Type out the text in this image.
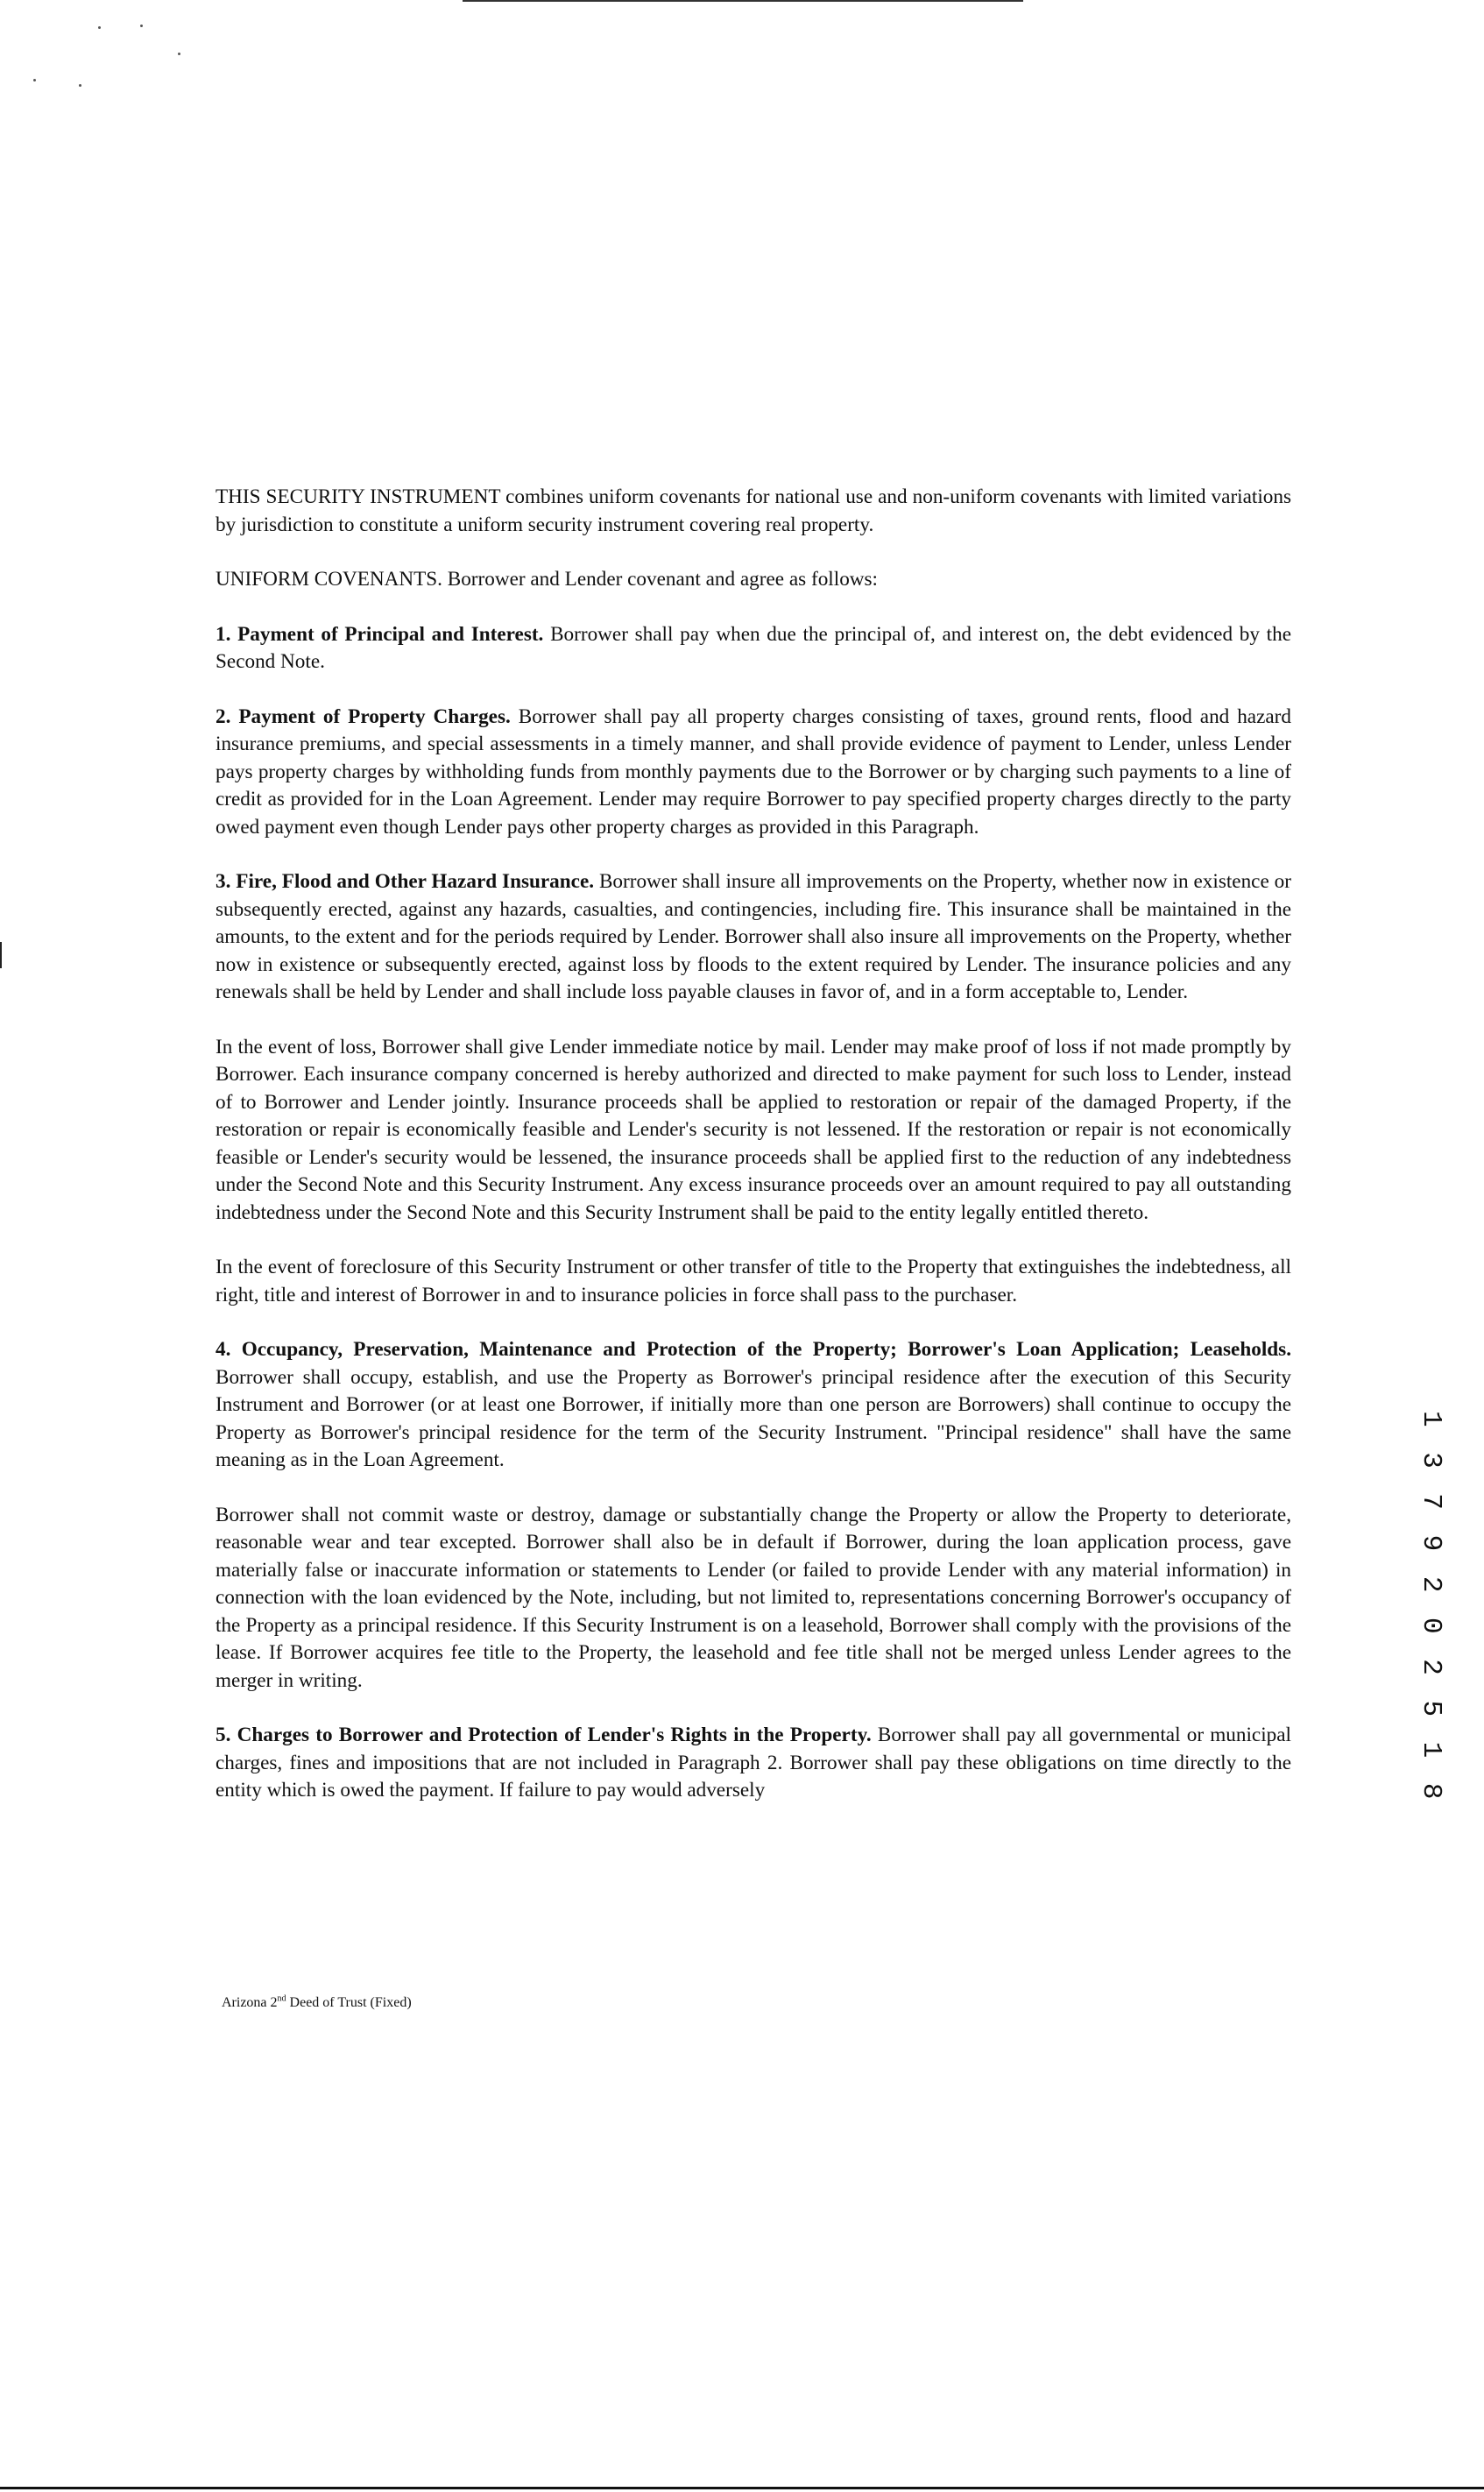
THIS SECURITY INSTRUMENT combines uniform covenants for national use and non-uniform covenants with limited variations by jurisdiction to constitute a uniform security instrument covering real property.

UNIFORM COVENANTS. Borrower and Lender covenant and agree as follows:

1. Payment of Principal and Interest. Borrower shall pay when due the principal of, and interest on, the debt evidenced by the Second Note.

2. Payment of Property Charges. Borrower shall pay all property charges consisting of taxes, ground rents, flood and hazard insurance premiums, and special assessments in a timely manner, and shall provide evidence of payment to Lender, unless Lender pays property charges by withholding funds from monthly payments due to the Borrower or by charging such payments to a line of credit as provided for in the Loan Agreement. Lender may require Borrower to pay specified property charges directly to the party owed payment even though Lender pays other property charges as provided in this Paragraph.

3. Fire, Flood and Other Hazard Insurance. Borrower shall insure all improvements on the Property, whether now in existence or subsequently erected, against any hazards, casualties, and contingencies, including fire. This insurance shall be maintained in the amounts, to the extent and for the periods required by Lender. Borrower shall also insure all improvements on the Property, whether now in existence or subsequently erected, against loss by floods to the extent required by Lender. The insurance policies and any renewals shall be held by Lender and shall include loss payable clauses in favor of, and in a form acceptable to, Lender.

In the event of loss, Borrower shall give Lender immediate notice by mail. Lender may make proof of loss if not made promptly by Borrower. Each insurance company concerned is hereby authorized and directed to make payment for such loss to Lender, instead of to Borrower and Lender jointly. Insurance proceeds shall be applied to restoration or repair of the damaged Property, if the restoration or repair is economically feasible and Lender's security is not lessened. If the restoration or repair is not economically feasible or Lender's security would be lessened, the insurance proceeds shall be applied first to the reduction of any indebtedness under the Second Note and this Security Instrument. Any excess insurance proceeds over an amount required to pay all outstanding indebtedness under the Second Note and this Security Instrument shall be paid to the entity legally entitled thereto.

In the event of foreclosure of this Security Instrument or other transfer of title to the Property that extinguishes the indebtedness, all right, title and interest of Borrower in and to insurance policies in force shall pass to the purchaser.

4. Occupancy, Preservation, Maintenance and Protection of the Property; Borrower's Loan Application; Leaseholds. Borrower shall occupy, establish, and use the Property as Borrower's principal residence after the execution of this Security Instrument and Borrower (or at least one Borrower, if initially more than one person are Borrowers) shall continue to occupy the Property as Borrower's principal residence for the term of the Security Instrument. "Principal residence" shall have the same meaning as in the Loan Agreement.

Borrower shall not commit waste or destroy, damage or substantially change the Property or allow the Property to deteriorate, reasonable wear and tear excepted. Borrower shall also be in default if Borrower, during the loan application process, gave materially false or inaccurate information or statements to Lender (or failed to provide Lender with any material information) in connection with the loan evidenced by the Note, including, but not limited to, representations concerning Borrower's occupancy of the Property as a principal residence. If this Security Instrument is on a leasehold, Borrower shall comply with the provisions of the lease. If Borrower acquires fee title to the Property, the leasehold and fee title shall not be merged unless Lender agrees to the merger in writing.

5. Charges to Borrower and Protection of Lender's Rights in the Property. Borrower shall pay all governmental or municipal charges, fines and impositions that are not included in Paragraph 2. Borrower shall pay these obligations on time directly to the entity which is owed the payment. If failure to pay would adversely

Arizona 2nd Deed of Trust (Fixed)
1 3 7 9 2 0 2 5 1 8
